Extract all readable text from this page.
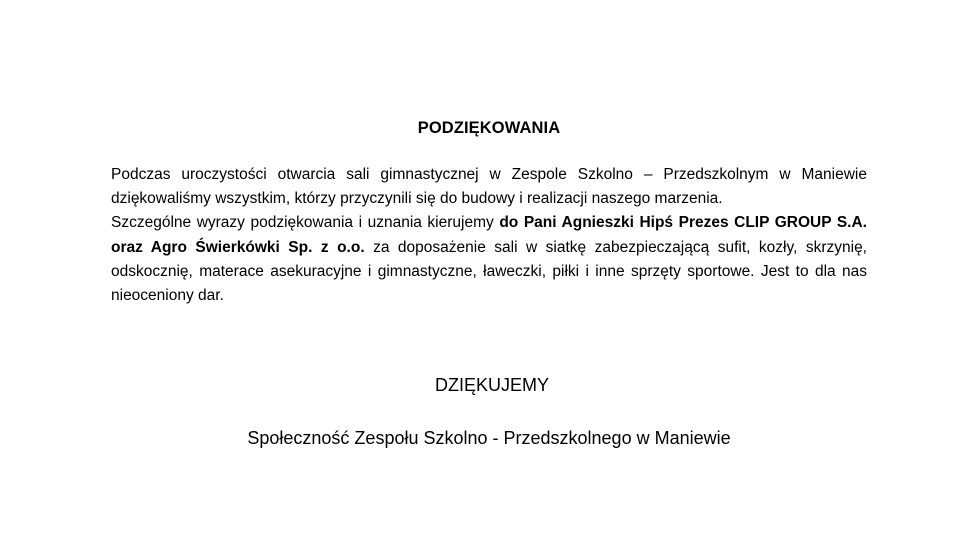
PODZIĘKOWANIA

Podczas uroczystości otwarcia sali gimnastycznej w Zespole Szkolno – Przedszkolnym w Maniewie dziękowaliśmy wszystkim, którzy przyczynili się do budowy i realizacji naszego marzenia.

Szczególne wyrazy podziękowania i uznania kierujemy do Pani Agnieszki Hipś Prezes CLIP GROUP S.A. oraz Agro Świerkówki Sp. z o.o. za doposażenie sali w siatkę zabezpieczającą sufit, kozły, skrzynię, odskocznię, materace asekuracyjne i gimnastyczne, ławeczki, piłki i inne sprzęty sportowe. Jest to dla nas nieoceniony dar.

DZIĘKUJEMY
Społeczność Zespołu Szkolno - Przedszkolnego w Maniewie
